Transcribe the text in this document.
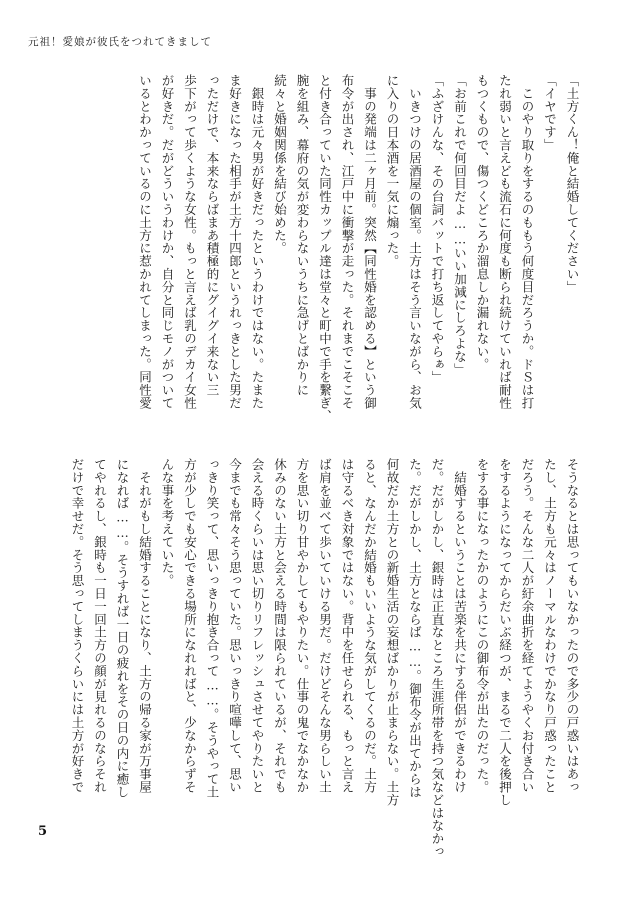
元祖！愛娘が彼氏をつれてきまして

「土方くん！俺と結婚してください」

「イヤです」

　このやり取りをするのももう何度目だろうか。ドＳは打

たれ弱いと言えども流石に何度も断られ続けていれば耐性

もつくもので、傷つくどころか溜息しか漏れない。

「お前これで何回目だよ……いい加減にしろよな」

「ふざけんな、その台詞バットで打ち返してやらぁ」

　いきつけの居酒屋の個室。土方はそう言いながら、お気

に入りの日本酒を一気に煽った。

　事の発端は二ヶ月前。突然【同性婚を認める】という御

布令が出され、江戸中に衝撃が走った。それまでこそこそ

と付き合っていた同性カップル達は堂々と町中で手を繋ぎ、

腕を組み、幕府の気が変わらないうちに急げとばかりに

続々と婚姻関係を結び始めた。

　銀時は元々男が好きだったというわけではない。たまた

ま好きになった相手が土方十四郎というれっきとした男だ

っただけで、本来ならばまあ積極的にグイグイ来ない三

歩下がって歩くような女性。もっと言えば乳のデカイ女性

が好きだ。だがどういうわけか、自分と同じモノがついて

いるとわかっているのに土方に惹かれてしまった。同性愛

そうなるとは思ってもいなかったので多少の戸惑いはあっ

たし、土方も元々はノーマルなわけでかなり戸惑ったこと

だろう。そんな二人が紆余曲折を経てようやくお付き合い

をするようになってからだいぶ経つが、まるで二人を後押し

をする事になったかのようにこの御布令が出たのだった。

　結婚するということは苦楽を共にする伴侶ができるわけ

だ。だがしかし、銀時は正直なところ生涯所帯を持つ気などはなかっ

た。だがしかし、土方とならば……。御布令が出てからは

何故だか土方との新婚生活の妄想ばかりが止まらない。土方

ると、なんだか結婚もいいような気がしてくるのだ。土方

は守るべき対象ではない。背中を任せられる、もっと言え

ば肩を並べて歩いていける男だ。だけどそんな男らしい土

方を思い切り甘やかしてもやりたい。仕事の鬼でなかなか

休みのない土方と会える時間は限られているが、それでも

会える時くらいは思い切りリフレッシュさせてやりたいと

今までも常々そう思っていた。思いっきり喧嘩して、思い

っきり笑って、思いっきり抱き合って……。そうやって土

方が少しでも安心できる場所になれればと、少なからずそ

んな事を考えていた。

　それがもし結婚することになり、土方の帰る家が万事屋

になれば……。そうすれば一日の疲れをその日の内に癒し

てやれるし、銀時も一日一回土方の顔が見れるのならそれ

だけで幸せだ。そう思ってしまうくらいには土方が好きで

5
